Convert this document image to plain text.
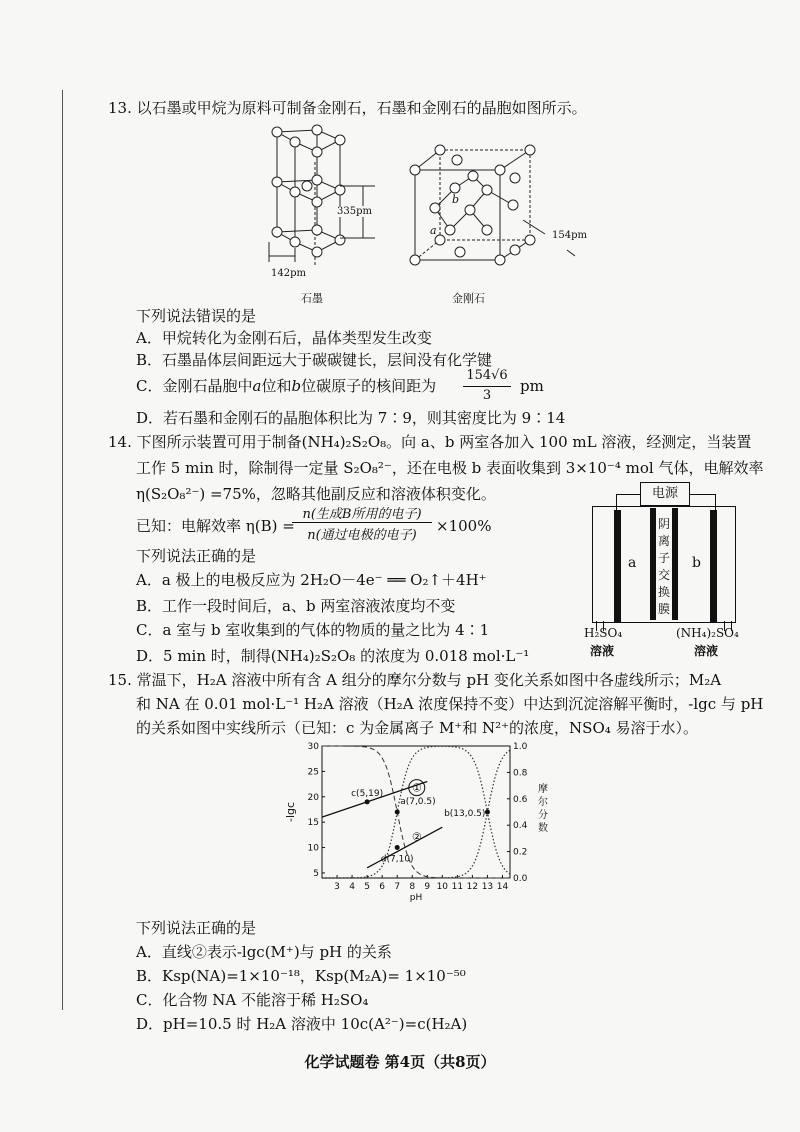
13. 以石墨或甲烷为原料可制备金刚石，石墨和金刚石的晶胞如图所示。
335pm
142pm
石墨
b
a	154pm
金刚石
下列说法错误的是
A．甲烷转化为金刚石后，晶体类型发生改变
B．石墨晶体层间距远大于碳碳键长，层间没有化学键
C．金刚石晶胞中a位和b位碳原子的核间距为
154√6
3
pm
D．若石墨和金刚石的晶胞体积比为 7∶9，则其密度比为 9∶14
14. 下图所示装置可用于制备(NH₄)₂S₂O₈。向 a、b 两室各加入 100 mL 溶液，经测定，当装置
工作 5 min 时，除制得一定量 S₂O₈²⁻，还在电极 b 表面收集到 3×10⁻⁴ mol 气体，电解效率
η(S₂O₈²⁻) =75%，忽略其他副反应和溶液体积变化。
已知：电解效率 η(B) =
n(生成B所用的电子)
n(通过电极的电子)
×100%
下列说法正确的是
A．a 极上的电极反应为 2H₂O－4e⁻ ══ O₂↑＋4H⁺
B．工作一段时间后，a、b 两室溶液浓度均不变
C．a 室与 b 室收集到的气体的物质的量之比为 4∶1
D．5 min 时，制得(NH₄)₂S₂O₈ 的浓度为 0.018 mol·L⁻¹
电源
阴
离
子
交
换
膜
a	b
H₂SO₄
溶液
(NH₄)₂SO₄
溶液
15. 常温下，H₂A 溶液中所有含 A 组分的摩尔分数与 pH 变化关系如图中各虚线所示；M₂A
和 NA 在 0.01 mol·L⁻¹ H₂A 溶液（H₂A 浓度保持不变）中达到沉淀溶解平衡时，-lgc 与 pH
的关系如图中实线所示（已知：c 为金属离子 M⁺和 N²⁺的浓度，NSO₄ 易溶于水）。
3 4 5 6 7 8 9 10 11 12 13 14
5
10
15
20
25
30
0.0
0.2
0.4
0.6
0.8
1.0
pH
-lgc
摩
尔
分
数
①
②
c(5,19)
a(7,0.5)
d(7,10)
b(13,0.5)
下列说法正确的是
A．直线②表示-lgc(M⁺)与 pH 的关系
B．Ksp(NA)=1×10⁻¹⁸，Ksp(M₂A)= 1×10⁻⁵⁰
C．化合物 NA 不能溶于稀 H₂SO₄
D．pH=10.5 时 H₂A 溶液中 10c(A²⁻)=c(H₂A)
化学试题卷 第4页（共8页）
